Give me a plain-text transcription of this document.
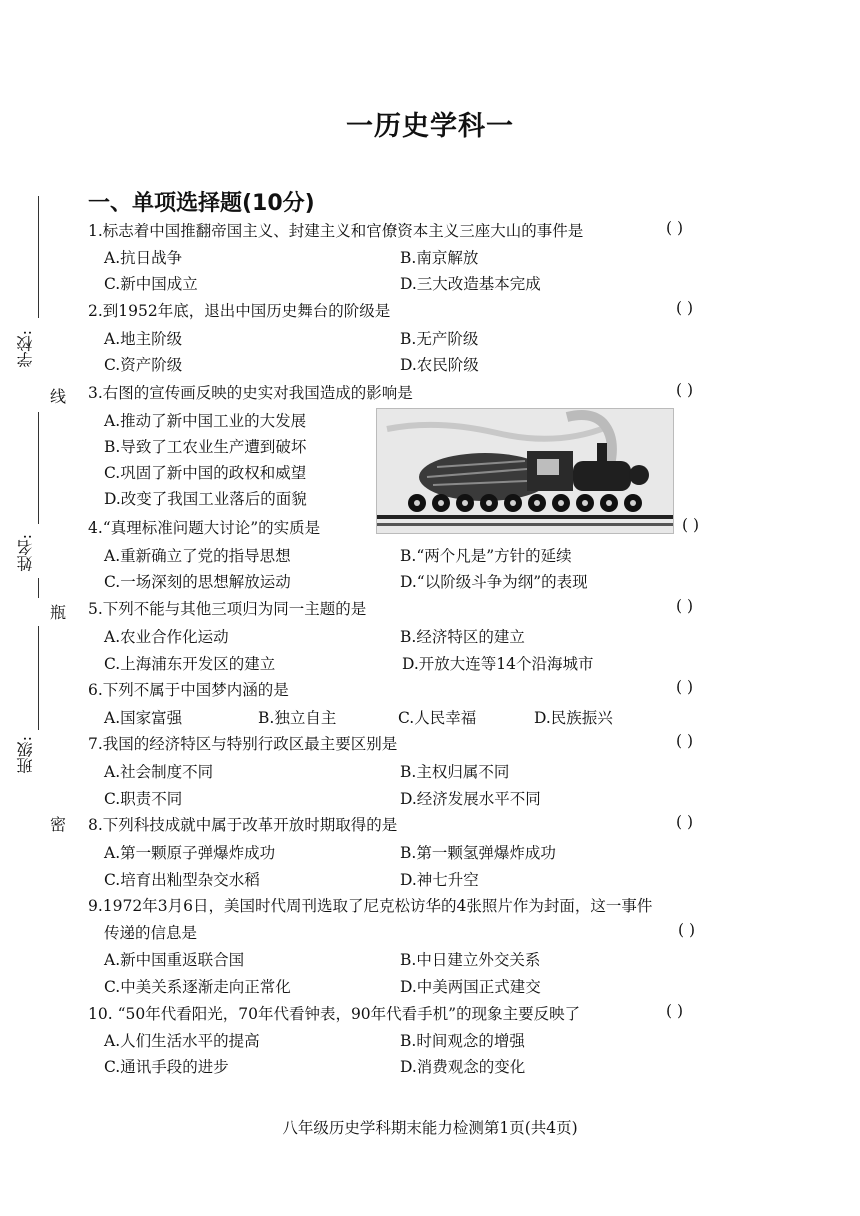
一历史学科一
一、单项选择题(10分)
学校:
线
姓名:
瓶
班级:
密
1.标志着中国推翻帝国主义、封建主义和官僚资本主义三座大山的事件是	( )
A.抗日战争	B.南京解放
C.新中国成立	D.三大改造基本完成
2.到1952年底，退出中国历史舞台的阶级是	( )
A.地主阶级	B.无产阶级
C.资产阶级	D.农民阶级
3.右图的宣传画反映的史实对我国造成的影响是	( )
A.推动了新中国工业的大发展
B.导致了工农业生产遭到破坏
C.巩固了新中国的政权和威望
D.改变了我国工业落后的面貌
4.“真理标准问题大讨论”的实质是	( )
A.重新确立了党的指导思想	B.“两个凡是”方针的延续
C.一场深刻的思想解放运动	D.“以阶级斗争为纲”的表现
5.下列不能与其他三项归为同一主题的是	( )
A.农业合作化运动	B.经济特区的建立
C.上海浦东开发区的建立	D.开放大连等14个沿海城市
6.下列不属于中国梦内涵的是	( )
A.国家富强	B.独立自主	C.人民幸福	D.民族振兴
7.我国的经济特区与特别行政区最主要区别是	( )
A.社会制度不同	B.主权归属不同
C.职责不同	D.经济发展水平不同
8.下列科技成就中属于改革开放时期取得的是	( )
A.第一颗原子弹爆炸成功	B.第一颗氢弹爆炸成功
C.培育出籼型杂交水稻	D.神七升空
9.1972年3月6日，美国时代周刊选取了尼克松访华的4张照片作为封面，这一事件
传递的信息是	( )
A.新中国重返联合国	B.中日建立外交关系
C.中美关系逐渐走向正常化	D.中美两国正式建交
10. “50年代看阳光，70年代看钟表，90年代看手机”的现象主要反映了	( )
A.人们生活水平的提高	B.时间观念的增强
C.通讯手段的进步	D.消费观念的变化
八年级历史学科期末能力检测第1页(共4页)
